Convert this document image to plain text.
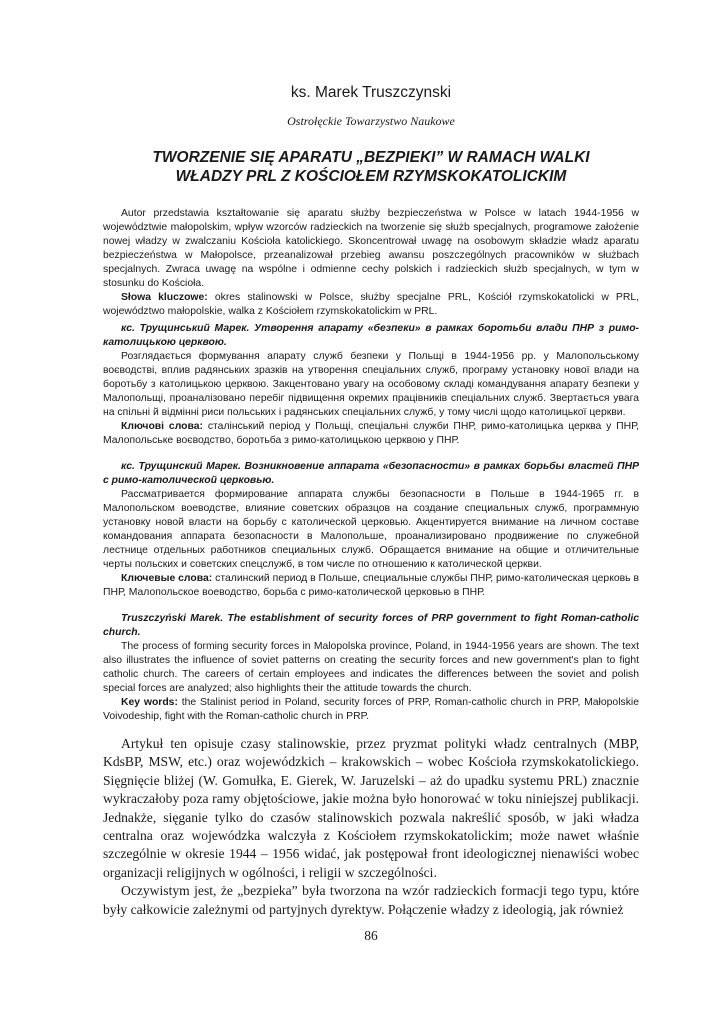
ks. Marek Truszczynski
Ostrołęckie Towarzystwo Naukowe
TWORZENIE SIĘ APARATU „BEZPIEKI” W RAMACH WALKI
WŁADZY PRL Z KOŚCIOŁEM RZYMSKOKATOLICKIM

Autor przedstawia kształtowanie się aparatu służby bezpieczeństwa w Polsce w latach 1944-1956 w województwie małopolskim, wpływ wzorców radzieckich na tworzenie się służb specjalnych, programowe założenie nowej władzy w zwalczaniu Kościoła katolickiego. Skoncentrował uwagę na osobowym składzie władz aparatu bezpieczeństwa w Małopolsce, przeanalizował przebieg awansu poszczególnych pracowników w służbach specjalnych. Zwraca uwagę na wspólne i odmienne cechy polskich i radzieckich służb specjalnych, w tym w stosunku do Kościoła.

Słowa kluczowe: okres stalinowski w Polsce, służby specjalne PRL, Kościół rzymskokatolicki w PRL, województwo małopolskie, walka z Kościołem rzymskokatolickim w PRL.

кс. Трущинський Марек. Утворення апарату «безпеки» в рамках боротьби влади ПНР з римо-католицькою церквою.

Розглядається формування апарату служб безпеки у Польщі в 1944-1956 рр. у Малопольському воєводстві, вплив радянських зразків на утворення спеціальних служб, програму установку нової влади на боротьбу з католицькою церквою. Закцентовано увагу на особовому складі командування апарату безпеки у Малопольщі, проаналізовано перебіг підвищення окремих працівників спеціальних служб. Звертається увага на спільні й відмінні риси польських і радянських спеціальних служб, у тому числі щодо католицької церкви.

Ключові слова: сталінський період у Польщі, спеціальні служби ПНР, римо-католицька церква у ПНР, Малопольське воєводство, боротьба з римо-католицькою церквою у ПНР.

кс. Трущинский Марек. Возникновение аппарата «безопасности» в рамках борьбы властей ПНР с римо-католической церковью.

Рассматривается формирование аппарата службы безопасности в Польше в 1944-1965 гг. в Малопольском воеводстве, влияние советских образцов на создание специальных служб, программную установку новой власти на борьбу с католической церковью. Акцентируется внимание на личном составе командования аппарата безопасности в Малопольше, проанализировано продвижение по служебной лестнице отдельных работников специальных служб. Обращается внимание на общие и отличительные черты польских и советских спецслужб, в том числе по отношению к католической церкви.

Ключевые слова: сталинский период в Польше, специальные службы ПНР, римо-католическая церковь в ПНР, Малопольское воеводство, борьба с римо-католической церковью в ПНР.

Truszczyński Marek. The establishment of security forces of PRP government to fight Roman-catholic church.

The process of forming security forces in Malopolska province, Poland, in 1944-1956 years are shown. The text also illustrates the influence of soviet patterns on creating the security forces and new government's plan to fight catholic church. The careers of certain employees and indicates the differences between the soviet and polish special forces are analyzed; also highlights their the attitude towards the church.

Key words: the Stalinist period in Poland, security forces of PRP, Roman-catholic church in PRP, Małopolskie Voivodeship, fight with the Roman-catholic church in PRP.

Artykuł ten opisuje czasy stalinowskie, przez pryzmat polityki władz centralnych (MBP, KdsBP, MSW, etc.) oraz wojewódzkich – krakowskich – wobec Kościoła rzymskokatolickiego. Sięgnięcie bliżej (W. Gomułka, E. Gierek, W. Jaruzelski – aż do upadku systemu PRL) znacznie wykraczałoby poza ramy objętościowe, jakie można było honorować w toku niniejszej publikacji. Jednakże, sięganie tylko do czasów stalinowskich pozwala nakreślić sposób, w jaki władza centralna oraz wojewódzka walczyła z Kościołem rzymskokatolickim; może nawet właśnie szczególnie w okresie 1944 – 1956 widać, jak postępował front ideologicznej nienawiści wobec organizacji religijnych w ogólności, i religii w szczególności.

Oczywistym jest, że „bezpieka” była tworzona na wzór radzieckich formacji tego typu, które były całkowicie zależnymi od partyjnych dyrektyw. Połączenie władzy z ideologią, jak również

86
